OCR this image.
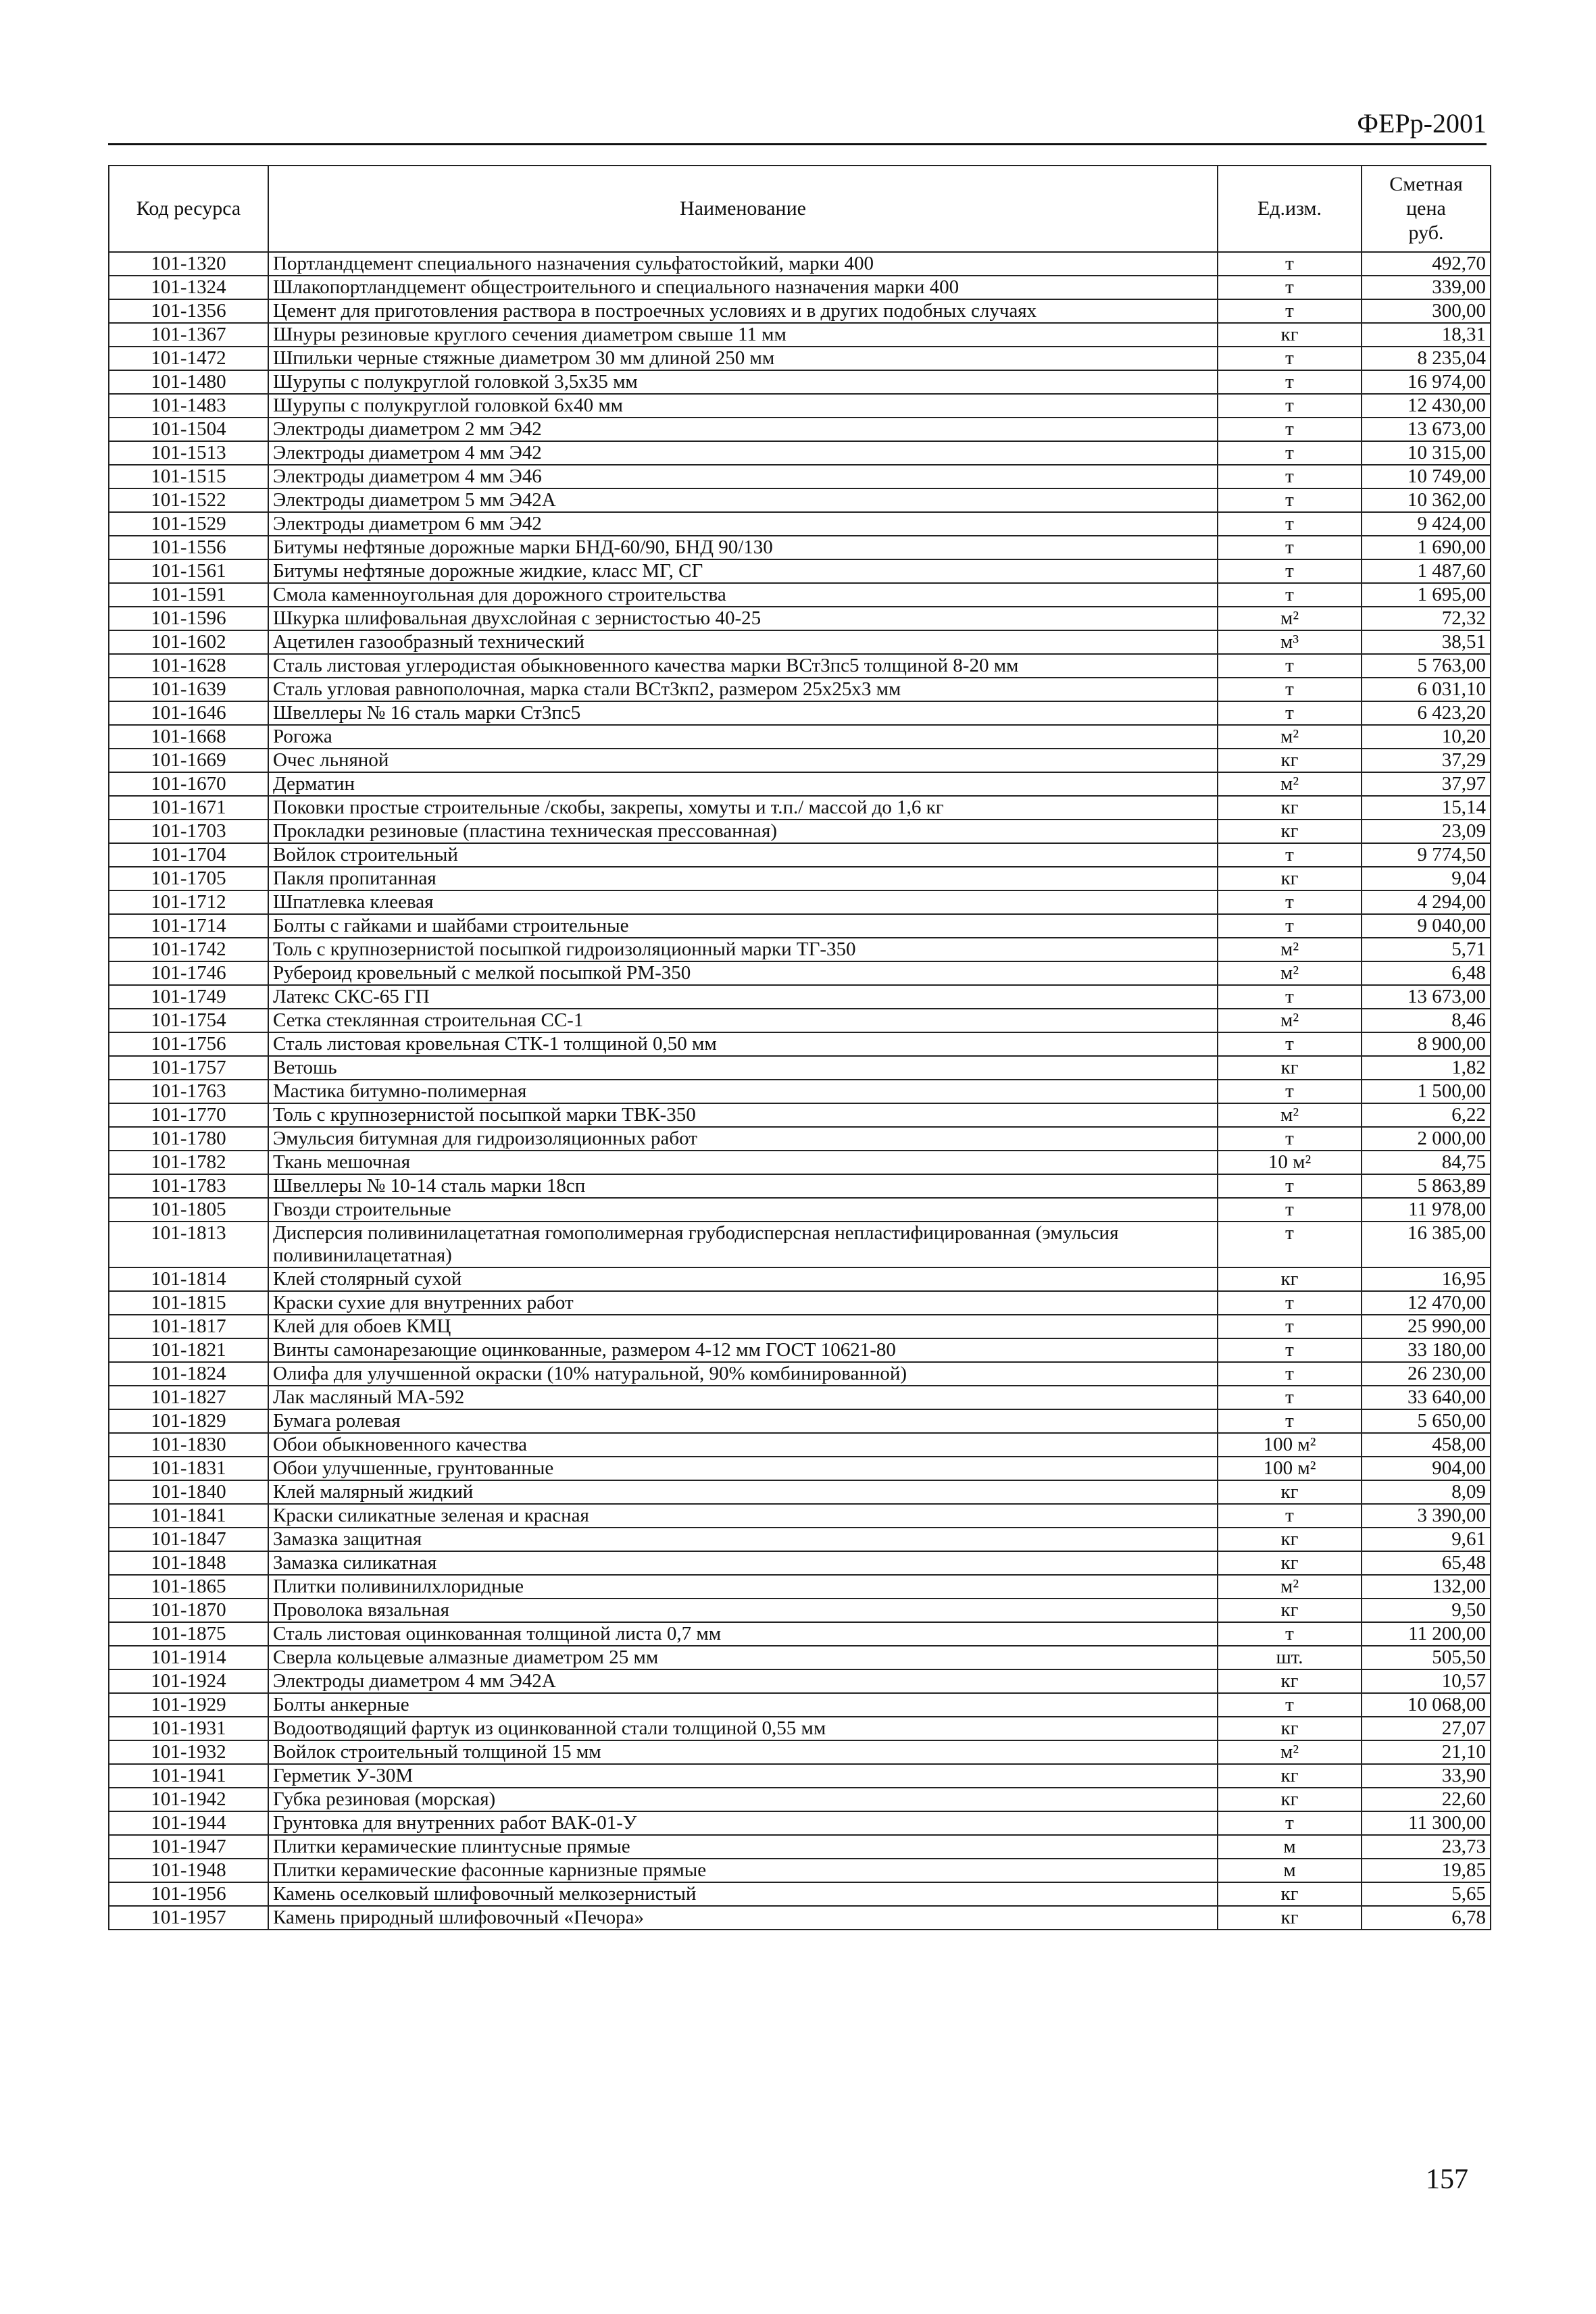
ФЕРр-2001
Код ресурса	Наименование	Ед.изм.	Сметная
цена
руб.
101-1320	Портландцемент специального назначения сульфатостойкий, марки 400	т	492,70
101-1324	Шлакопортландцемент общестроительного и специального назначения марки 400	т	339,00
101-1356	Цемент для приготовления раствора в построечных условиях и в других подобных случаях	т	300,00
101-1367	Шнуры резиновые круглого сечения диаметром свыше 11 мм	кг	18,31
101-1472	Шпильки черные стяжные диаметром 30 мм длиной 250 мм	т	8 235,04
101-1480	Шурупы с полукруглой головкой 3,5х35 мм	т	16 974,00
101-1483	Шурупы с полукруглой головкой 6х40 мм	т	12 430,00
101-1504	Электроды диаметром 2 мм Э42	т	13 673,00
101-1513	Электроды диаметром 4 мм Э42	т	10 315,00
101-1515	Электроды диаметром 4 мм Э46	т	10 749,00
101-1522	Электроды диаметром 5 мм Э42А	т	10 362,00
101-1529	Электроды диаметром 6 мм Э42	т	9 424,00
101-1556	Битумы нефтяные дорожные марки БНД-60/90, БНД 90/130	т	1 690,00
101-1561	Битумы нефтяные дорожные жидкие, класс МГ, СГ	т	1 487,60
101-1591	Смола каменноугольная для дорожного строительства	т	1 695,00
101-1596	Шкурка шлифовальная двухслойная с зернистостью 40-25	м²	72,32
101-1602	Ацетилен газообразный технический	м³	38,51
101-1628	Сталь листовая углеродистая обыкновенного качества марки ВСт3пс5 толщиной 8-20 мм	т	5 763,00
101-1639	Сталь угловая равнополочная, марка стали ВСт3кп2, размером 25х25х3 мм	т	6 031,10
101-1646	Швеллеры № 16 сталь марки Ст3пс5	т	6 423,20
101-1668	Рогожа	м²	10,20
101-1669	Очес льняной	кг	37,29
101-1670	Дерматин	м²	37,97
101-1671	Поковки простые строительные /скобы, закрепы, хомуты и т.п./ массой до 1,6 кг	кг	15,14
101-1703	Прокладки резиновые (пластина техническая прессованная)	кг	23,09
101-1704	Войлок строительный	т	9 774,50
101-1705	Пакля пропитанная	кг	9,04
101-1712	Шпатлевка клеевая	т	4 294,00
101-1714	Болты с гайками и шайбами строительные	т	9 040,00
101-1742	Толь с крупнозернистой посыпкой гидроизоляционный марки ТГ-350	м²	5,71
101-1746	Рубероид кровельный с мелкой посыпкой РМ-350	м²	6,48
101-1749	Латекс СКС-65 ГП	т	13 673,00
101-1754	Сетка стеклянная строительная СС-1	м²	8,46
101-1756	Сталь листовая кровельная СТК-1 толщиной 0,50 мм	т	8 900,00
101-1757	Ветошь	кг	1,82
101-1763	Мастика битумно-полимерная	т	1 500,00
101-1770	Толь с крупнозернистой посыпкой марки ТВК-350	м²	6,22
101-1780	Эмульсия битумная для гидроизоляционных работ	т	2 000,00
101-1782	Ткань мешочная	10 м²	84,75
101-1783	Швеллеры № 10-14 сталь марки 18сп	т	5 863,89
101-1805	Гвозди строительные	т	11 978,00
101-1813	Дисперсия поливинилацетатная гомополимерная грубодисперсная непластифицированная (эмульсия поливинилацетатная)	т	16 385,00
101-1814	Клей столярный сухой	кг	16,95
101-1815	Краски сухие для внутренних работ	т	12 470,00
101-1817	Клей для обоев КМЦ	т	25 990,00
101-1821	Винты самонарезающие оцинкованные, размером 4-12 мм ГОСТ 10621-80	т	33 180,00
101-1824	Олифа для улучшенной окраски (10% натуральной, 90% комбинированной)	т	26 230,00
101-1827	Лак масляный МА-592	т	33 640,00
101-1829	Бумага ролевая	т	5 650,00
101-1830	Обои обыкновенного качества	100 м²	458,00
101-1831	Обои улучшенные, грунтованные	100 м²	904,00
101-1840	Клей малярный жидкий	кг	8,09
101-1841	Краски силикатные зеленая и красная	т	3 390,00
101-1847	Замазка защитная	кг	9,61
101-1848	Замазка силикатная	кг	65,48
101-1865	Плитки поливинилхлоридные	м²	132,00
101-1870	Проволока вязальная	кг	9,50
101-1875	Сталь листовая оцинкованная толщиной листа 0,7 мм	т	11 200,00
101-1914	Сверла кольцевые алмазные диаметром 25 мм	шт.	505,50
101-1924	Электроды диаметром 4 мм Э42А	кг	10,57
101-1929	Болты анкерные	т	10 068,00
101-1931	Водоотводящий фартук из оцинкованной стали толщиной 0,55 мм	кг	27,07
101-1932	Войлок строительный толщиной 15 мм	м²	21,10
101-1941	Герметик У-30М	кг	33,90
101-1942	Губка резиновая (морская)	кг	22,60
101-1944	Грунтовка для внутренних работ ВАК-01-У	т	11 300,00
101-1947	Плитки керамические плинтусные прямые	м	23,73
101-1948	Плитки керамические фасонные карнизные прямые	м	19,85
101-1956	Камень оселковый шлифовочный мелкозернистый	кг	5,65
101-1957	Камень природный шлифовочный «Печора»	кг	6,78
157
